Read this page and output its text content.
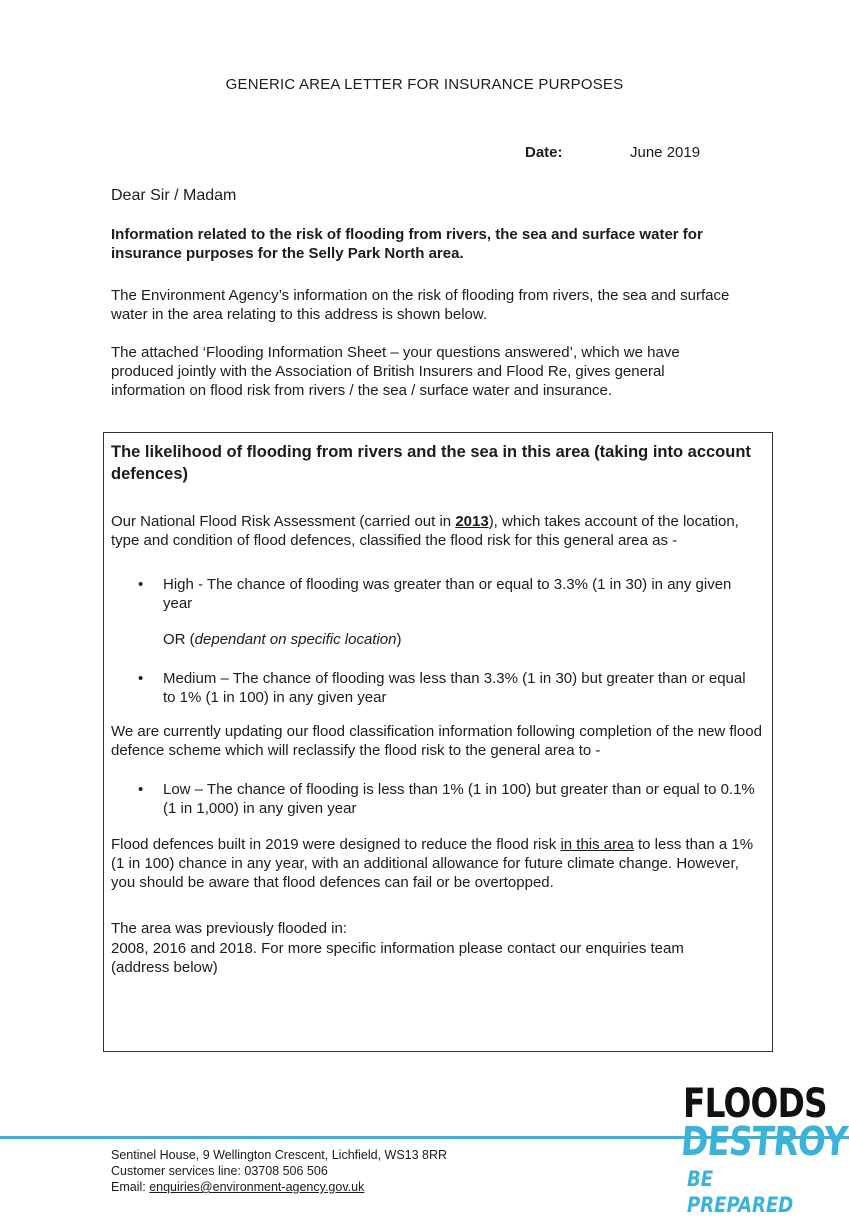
GENERIC AREA LETTER FOR INSURANCE PURPOSES
Date:	June 2019
Dear Sir / Madam
Information related to the risk of flooding from rivers, the sea and surface water for insurance purposes for the Selly Park North area.
The Environment Agency’s information on the risk of flooding from rivers, the sea and surface water in the area relating to this address is shown below.
The attached ‘Flooding Information Sheet – your questions answered’, which we have produced jointly with the Association of British Insurers and Flood Re, gives general information on flood risk from rivers / the sea / surface water and insurance.
The likelihood of flooding from rivers and the sea in this area (taking into account defences)
Our National Flood Risk Assessment (carried out in 2013), which takes account of the location, type and condition of flood defences, classified the flood risk for this general area as -
• High - The chance of flooding was greater than or equal to 3.3% (1 in 30) in any given year
OR (dependant on specific location)
• Medium – The chance of flooding was less than 3.3% (1 in 30) but greater than or equal to 1% (1 in 100) in any given year
We are currently updating our flood classification information following completion of the new flood defence scheme which will reclassify the flood risk to the general area to -
• Low – The chance of flooding is less than 1% (1 in 100) but greater than or equal to 0.1% (1 in 1,000) in any given year
Flood defences built in 2019 were designed to reduce the flood risk in this area to less than a 1% (1 in 100) chance in any year, with an additional allowance for future climate change. However, you should be aware that flood defences can fail or be overtopped.
The area was previously flooded in:
2008, 2016 and 2018. For more specific information please contact our enquiries team (address below)
Sentinel House, 9 Wellington Crescent, Lichfield, WS13 8RR
Customer services line: 03708 506 506
Email: enquiries@environment-agency.gov.uk
FLOODS
DESTROY
BE PREPARED
